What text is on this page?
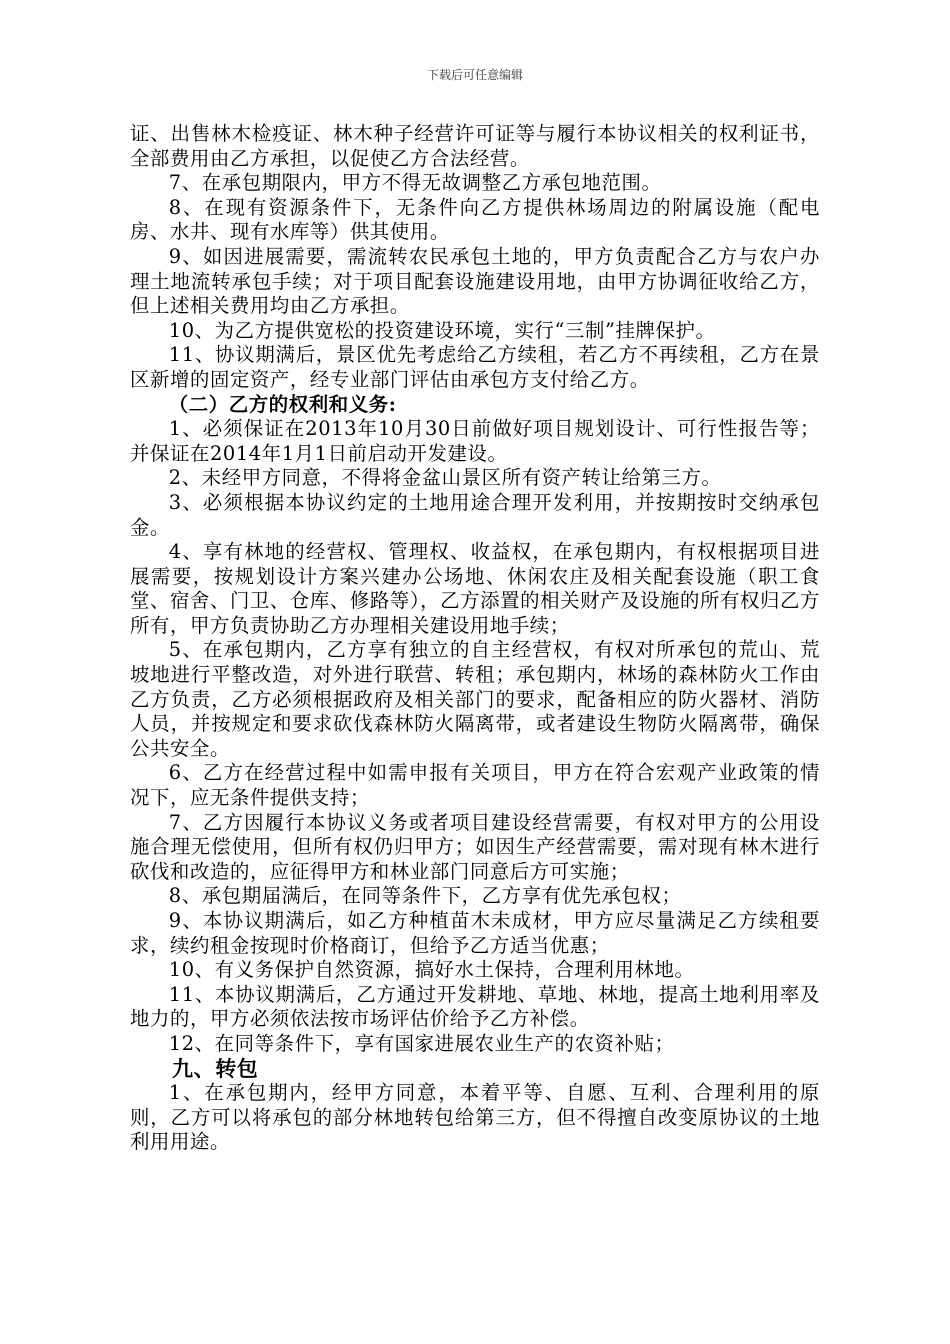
下载后可任意编辑

证、出售林木检疫证、林木种子经营许可证等与履行本协议相关的权利证书，全部费用由乙方承担，以促使乙方合法经营。

7、在承包期限内，甲方不得无故调整乙方承包地范围。

8、在现有资源条件下，无条件向乙方提供林场周边的附属设施（配电房、水井、现有水库等）供其使用。

9、如因进展需要，需流转农民承包土地的，甲方负责配合乙方与农户办理土地流转承包手续；对于项目配套设施建设用地，由甲方协调征收给乙方，但上述相关费用均由乙方承担。

10、为乙方提供宽松的投资建设环境，实行“三制”挂牌保护。

11、协议期满后，景区优先考虑给乙方续租，若乙方不再续租，乙方在景区新增的固定资产，经专业部门评估由承包方支付给乙方。

（二）乙方的权利和义务:

1、必须保证在2013年10月30日前做好项目规划设计、可行性报告等；并保证在2014年1月1日前启动开发建设。

2、未经甲方同意，不得将金盆山景区所有资产转让给第三方。

3、必须根据本协议约定的土地用途合理开发利用，并按期按时交纳承包金。

4、享有林地的经营权、管理权、收益权，在承包期内，有权根据项目进展需要，按规划设计方案兴建办公场地、休闲农庄及相关配套设施（职工食堂、宿舍、门卫、仓库、修路等），乙方添置的相关财产及设施的所有权归乙方所有，甲方负责协助乙方办理相关建设用地手续；

5、在承包期内，乙方享有独立的自主经营权，有权对所承包的荒山、荒坡地进行平整改造，对外进行联营、转租；承包期内，林场的森林防火工作由乙方负责，乙方必须根据政府及相关部门的要求，配备相应的防火器材、消防人员，并按规定和要求砍伐森林防火隔离带，或者建设生物防火隔离带，确保公共安全。

6、乙方在经营过程中如需申报有关项目，甲方在符合宏观产业政策的情况下，应无条件提供支持；

7、乙方因履行本协议义务或者项目建设经营需要，有权对甲方的公用设施合理无偿使用，但所有权仍归甲方；如因生产经营需要，需对现有林木进行砍伐和改造的，应征得甲方和林业部门同意后方可实施；

8、承包期届满后，在同等条件下，乙方享有优先承包权；

9、本协议期满后，如乙方种植苗木未成材，甲方应尽量满足乙方续租要求，续约租金按现时价格商订，但给予乙方适当优惠；

10、有义务保护自然资源，搞好水土保持，合理利用林地。

11、本协议期满后，乙方通过开发耕地、草地、林地，提高土地利用率及地力的，甲方必须依法按市场评估价给予乙方补偿。

12、在同等条件下，享有国家进展农业生产的农资补贴；

九、转包

1、在承包期内，经甲方同意，本着平等、自愿、互利、合理利用的原则，乙方可以将承包的部分林地转包给第三方，但不得擅自改变原协议的土地利用用途。
